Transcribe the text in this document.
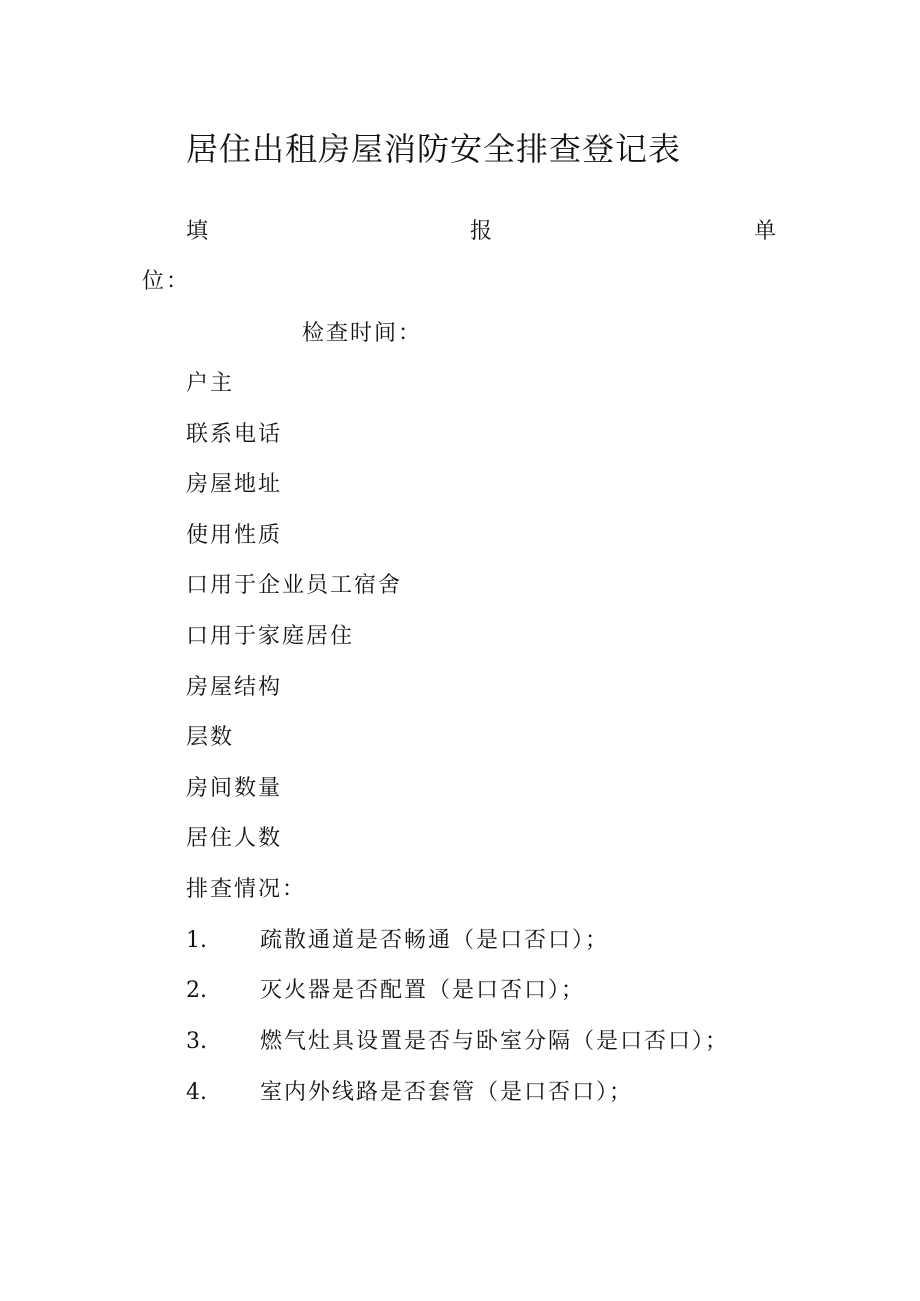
居住出租房屋消防安全排查登记表
填	报	单
位：
检查时间：
户主
联系电话
房屋地址
使用性质
口用于企业员工宿舍
口用于家庭居住
房屋结构
层数
房间数量
居住人数
排查情况：
1. 疏散通道是否畅通（是口否口）；
2. 灭火器是否配置（是口否口）；
3. 燃气灶具设置是否与卧室分隔（是口否口）；
4. 室内外线路是否套管（是口否口）；
